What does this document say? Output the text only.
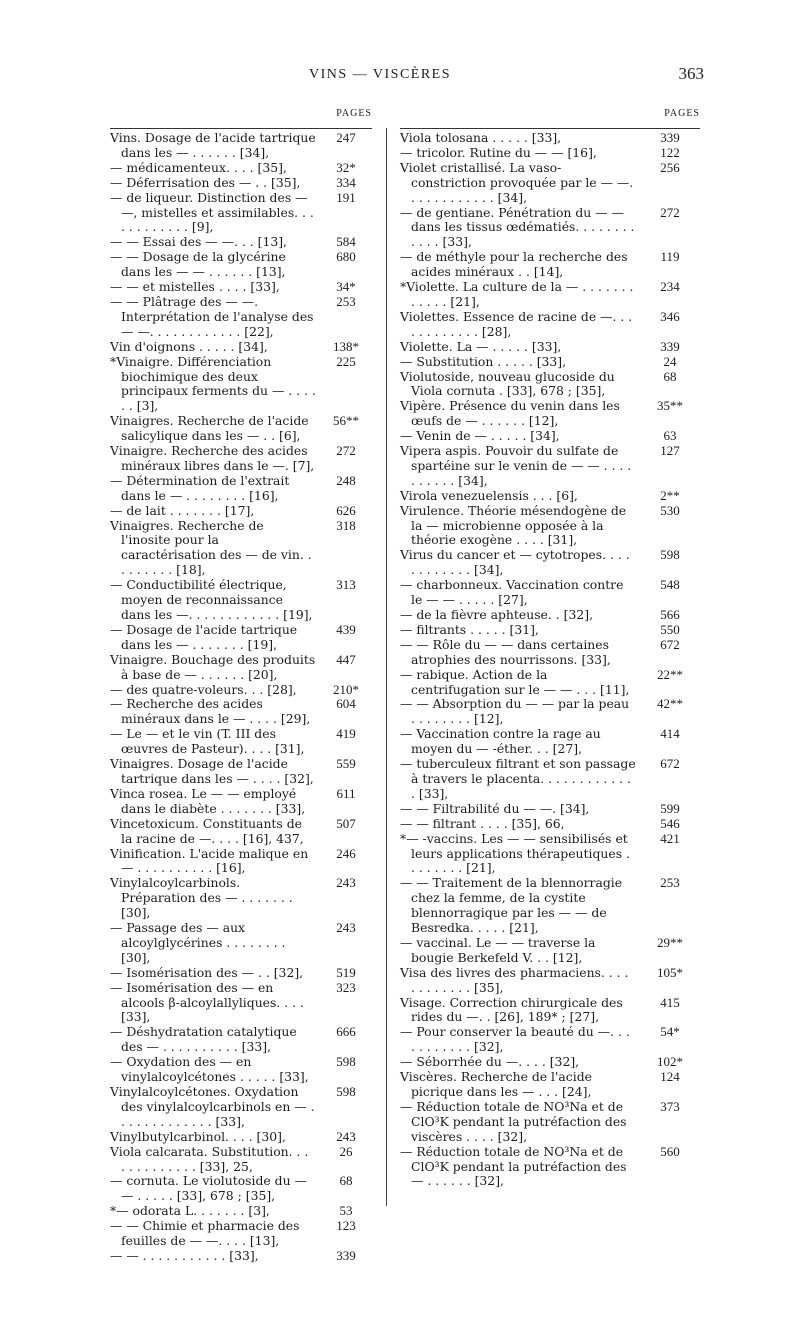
VINS — VISCÈRES	363
PAGES
Vins. Dosage de l'acide tartrique dans les — . . . . . . [34],
247
— médicamenteux. . . . [35],	32*
— Déferrisation des — . . [35],	334
— de liqueur. Distinction des — —, mistelles et assimilables. . . . . . . . . . . . [9],
191
— — Essai des — —. . . [13],	584
— — Dosage de la glycérine dans les — — . . . . . . [13],
680
— — et mistelles . . . . [33],	34*
— — Plâtrage des — —. Interprétation de l'analyse des — —. . . . . . . . . . . . [22],
253
Vin d'oignons . . . . . [34],	138*
*Vinaigre. Différenciation biochimique des deux principaux ferments du — . . . . . . [3],
225
Vinaigres. Recherche de l'acide salicylique dans les — . . [6],
56**
Vinaigre. Recherche des acides minéraux libres dans le —. [7],
272
— Détermination de l'extrait dans le — . . . . . . . . [16],
248
— de lait . . . . . . . [17],	626
Vinaigres. Recherche de l'inosite pour la caractérisation des — de vin. . . . . . . . . [18],
318
— Conductibilité électrique, moyen de reconnaissance dans les —. . . . . . . . . . . . [19],
313
— Dosage de l'acide tartrique dans les — . . . . . . . [19],
439
Vinaigre. Bouchage des produits à base de — . . . . . . [20],
447
— des quatre-voleurs. . . [28],	210*
— Recherche des acides minéraux dans le — . . . . [29],
604
— Le — et le vin (T. III des œuvres de Pasteur). . . . [31],
419
Vinaigres. Dosage de l'acide tartrique dans les — . . . . [32],
559
Vinca rosea. Le — — employé dans le diabète . . . . . . . [33],
611
Vincetoxicum. Constituants de la racine de —. . . . [16], 437,
507
Vinification. L'acide malique en — . . . . . . . . . . [16],
246
Vinylalcoylcarbinols. Préparation des — . . . . . . . [30],
243
— Passage des — aux alcoylglycérines . . . . . . . . [30],
243
— Isomérisation des — . . [32],	519
— Isomérisation des — en alcools β-alcoylallyliques. . . . [33],
323
— Déshydratation catalytique des — . . . . . . . . . . [33],
666
— Oxydation des — en vinylalcoylcétones . . . . . [33],
598
Vinylalcoylcétones. Oxydation des vinylalcoylcarbinols en — . . . . . . . . . . . . . [33],
598
Vinylbutylcarbinol. . . . [30],	243
Viola calcarata. Substitution. . . . . . . . . . . . . [33], 25,
26
— cornuta. Le violutoside du — — . . . . . [33], 678 ; [35],
68
*— odorata L. . . . . . . [3],	53
— — Chimie et pharmacie des feuilles de — —. . . . [13],
123
— — . . . . . . . . . . . [33],	339
PAGES
Viola tolosana . . . . . [33],	339
— tricolor. Rutine du — — [16],	122
Violet cristallisé. La vaso-constriction provoquée par le — —. . . . . . . . . . . . [34],
256
— de gentiane. Pénétration du — — dans les tissus œdématiés. . . . . . . . . . . . [33],
272
— de méthyle pour la recherche des acides minéraux . . [14],
119
*Violette. La culture de la — . . . . . . . . . . . . [21],
234
Violettes. Essence de racine de —. . . . . . . . . . . . [28],
346
Violette. La — . . . . . [33],	339
— Substitution . . . . . [33],	24
Violutoside, nouveau glucoside du Viola cornuta . [33], 678 ; [35],
68
Vipère. Présence du venin dans les œufs de — . . . . . . [12],
35**
— Venin de — . . . . . [34],	63
Vipera aspis. Pouvoir du sulfate de spartéine sur le venin de — — . . . . . . . . . . [34],
127
Virola venezuelensis . . . [6],	2**
Virulence. Théorie mésendogène de la — microbienne opposée à la théorie exogène . . . . [31],
530
Virus du cancer et — cytotropes. . . . . . . . . . . . [34],
598
— charbonneux. Vaccination contre le — — . . . . . [27],
548
— de la fièvre aphteuse. . [32],	566
— filtrants . . . . . [31],	550
— — Rôle du — — dans certaines atrophies des nourrissons. [33],
672
— rabique. Action de la centrifugation sur le — — . . . [11],
22**
— — Absorption du — — par la peau . . . . . . . . [12],
42**
— Vaccination contre la rage au moyen du — -éther. . . [27],
414
— tuberculeux filtrant et son passage à travers le placenta. . . . . . . . . . . . . [33],
672
— — Filtrabilité du — —. [34],	599
— — filtrant . . . . [35], 66,	546
*— -vaccins. Les — — sensibilisés et leurs applications thérapeutiques . . . . . . . . [21],
421
— — Traitement de la blennorragie chez la femme, de la cystite blennorragique par les — — de Besredka. . . . . [21],
253
— vaccinal. Le — — traverse la bougie Berkefeld V. . . [12],
29**
Visa des livres des pharmaciens. . . . . . . . . . . . [35],
105*
Visage. Correction chirurgicale des rides du —. . [26], 189* ; [27],
415
— Pour conserver la beauté du —. . . . . . . . . . . [32],
54*
— Séborrhée du —. . . . [32],	102*
Viscères. Recherche de l'acide picrique dans les — . . . [24],
124
— Réduction totale de NO³Na et de ClO³K pendant la putréfaction des viscères . . . . [32],
373
— Réduction totale de NO³Na et de ClO³K pendant la putréfaction des — . . . . . . [32],
560
